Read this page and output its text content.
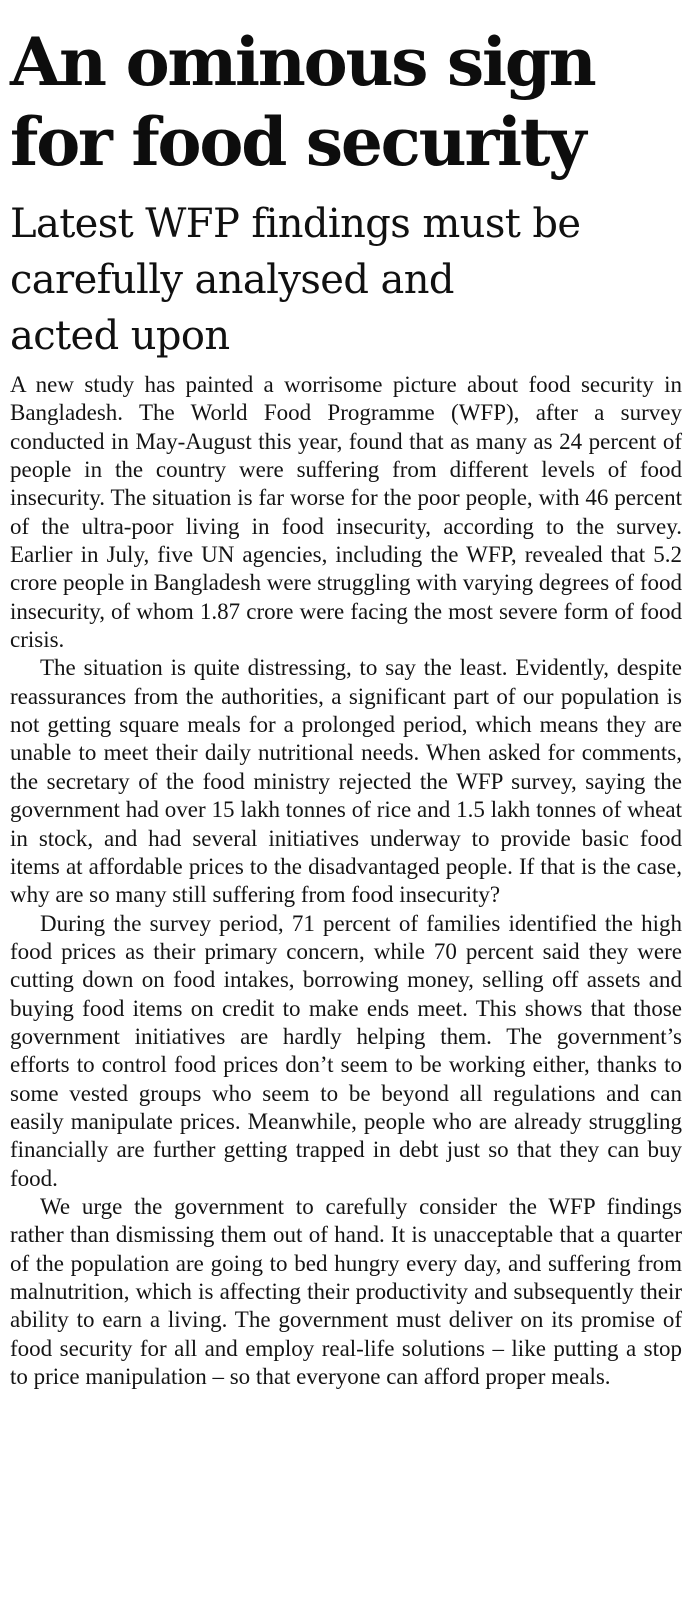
An ominous sign
for food security
Latest WFP findings must be
carefully analysed and
acted upon

A new study has painted a worrisome picture about food security in Bangladesh. The World Food Programme (WFP), after a survey conducted in May-August this year, found that as many as 24 percent of people in the country were suffering from different levels of food insecurity. The situation is far worse for the poor people, with 46 percent of the ultra-poor living in food insecurity, according to the survey. Earlier in July, five UN agencies, including the WFP, revealed that 5.2 crore people in Bangladesh were struggling with varying degrees of food insecurity, of whom 1.87 crore were facing the most severe form of food crisis.

The situation is quite distressing, to say the least. Evidently, despite reassurances from the authorities, a significant part of our population is not getting square meals for a prolonged period, which means they are unable to meet their daily nutritional needs. When asked for comments, the secretary of the food ministry rejected the WFP survey, saying the government had over 15 lakh tonnes of rice and 1.5 lakh tonnes of wheat in stock, and had several initiatives underway to provide basic food items at affordable prices to the disadvantaged people. If that is the case, why are so many still suffering from food insecurity?

During the survey period, 71 percent of families identified the high food prices as their primary concern, while 70 percent said they were cutting down on food intakes, borrowing money, selling off assets and buying food items on credit to make ends meet. This shows that those government initiatives are hardly helping them. The government’s efforts to control food prices don’t seem to be working either, thanks to some vested groups who seem to be beyond all regulations and can easily manipulate prices. Meanwhile, people who are already struggling financially are further getting trapped in debt just so that they can buy food.

We urge the government to carefully consider the WFP findings rather than dismissing them out of hand. It is unacceptable that a quarter of the population are going to bed hungry every day, and suffering from malnutrition, which is affecting their productivity and subsequently their ability to earn a living. The government must deliver on its promise of food security for all and employ real-life solutions – like putting a stop to price manipulation – so that everyone can afford proper meals.
